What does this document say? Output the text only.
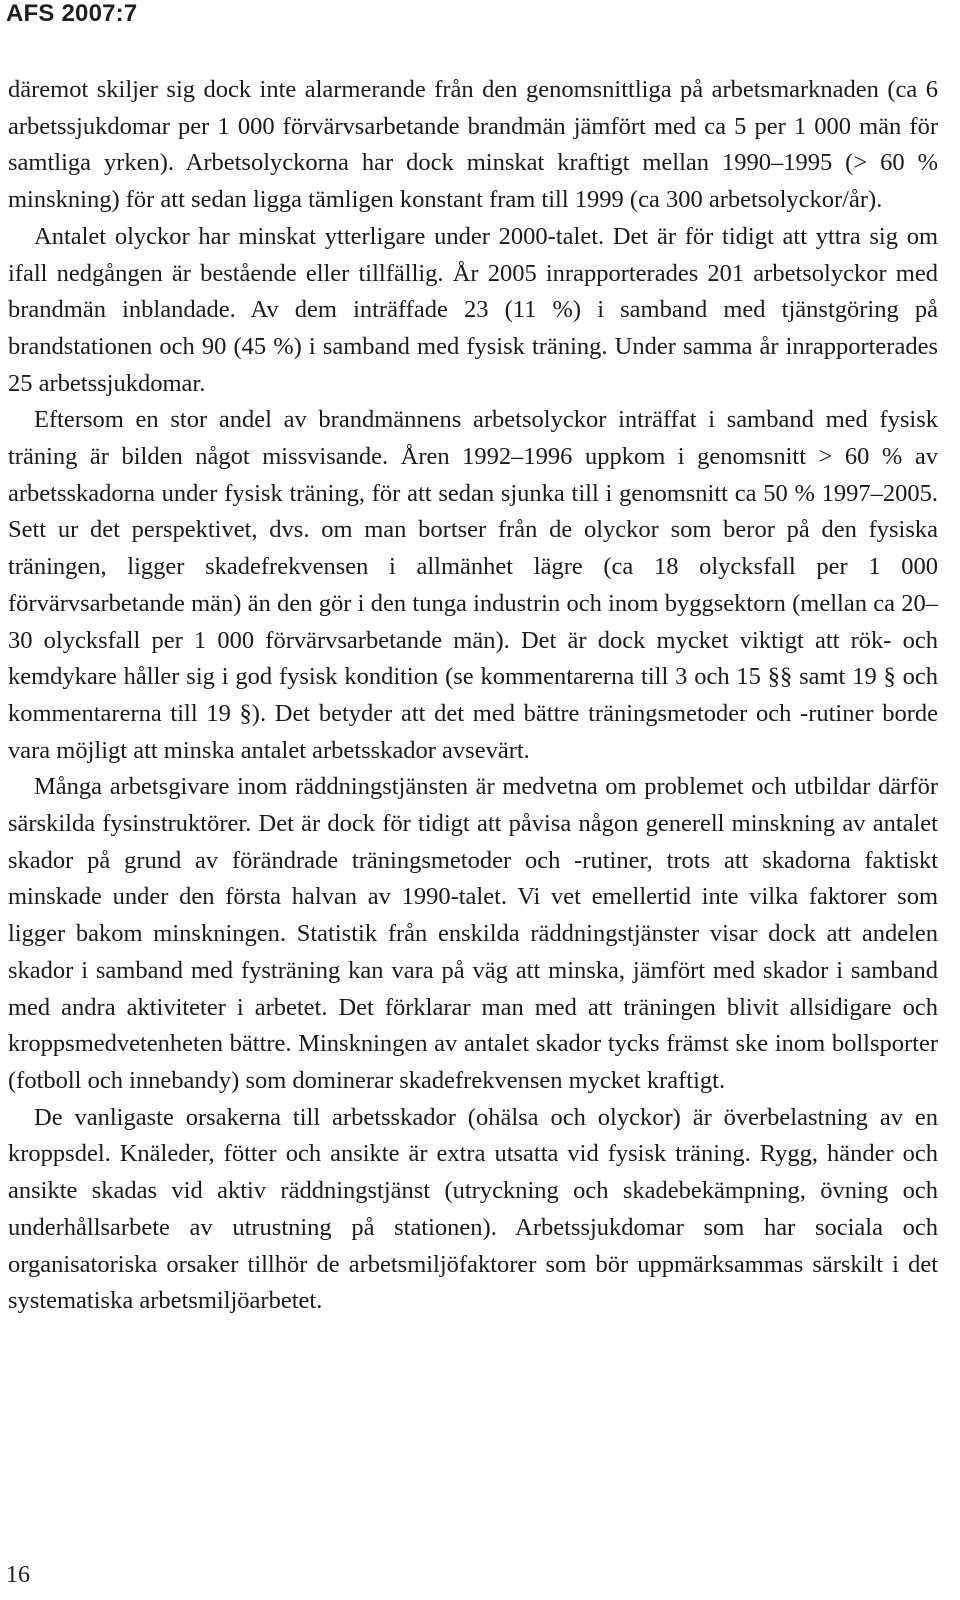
AFS 2007:7

däremot skiljer sig dock inte alarmerande från den genomsnittliga på arbetsmarknaden (ca 6 arbetssjukdomar per 1 000 förvärvsarbetande brandmän jämfört med ca 5 per 1 000 män för samtliga yrken). Arbetsolyckorna har dock minskat kraftigt mellan 1990–1995 (> 60 % minskning) för att sedan ligga tämligen konstant fram till 1999 (ca 300 arbetsolyckor/år).

Antalet olyckor har minskat ytterligare under 2000-talet. Det är för tidigt att yttra sig om ifall nedgången är bestående eller tillfällig. År 2005 inrapporterades 201 arbetsolyckor med brandmän inblandade. Av dem inträffade 23 (11 %) i samband med tjänstgöring på brandstationen och 90 (45 %) i samband med fysisk träning. Under samma år inrapporterades 25 arbetssjukdomar.

Eftersom en stor andel av brandmännens arbetsolyckor inträffat i samband med fysisk träning är bilden något missvisande. Åren 1992–1996 uppkom i genomsnitt > 60 % av arbetsskadorna under fysisk träning, för att sedan sjunka till i genomsnitt ca 50 % 1997–2005. Sett ur det perspektivet, dvs. om man bortser från de olyckor som beror på den fysiska träningen, ligger skadefrekvensen i allmänhet lägre (ca 18 olycksfall per 1 000 förvärvsarbetande män) än den gör i den tunga industrin och inom byggsektorn (mellan ca 20–30 olycksfall per 1 000 förvärvsarbetande män). Det är dock mycket viktigt att rök- och kemdykare håller sig i god fysisk kondition (se kommentarerna till 3 och 15 §§ samt 19 § och kommentarerna till 19 §). Det betyder att det med bättre träningsmetoder och -rutiner borde vara möjligt att minska antalet arbetsskador avsevärt.

Många arbetsgivare inom räddningstjänsten är medvetna om problemet och utbildar därför särskilda fysinstruktörer. Det är dock för tidigt att påvisa någon generell minskning av antalet skador på grund av förändrade träningsmetoder och -rutiner, trots att skadorna faktiskt minskade under den första halvan av 1990-talet. Vi vet emellertid inte vilka faktorer som ligger bakom minskningen. Statistik från enskilda räddningstjänster visar dock att andelen skador i samband med fysträning kan vara på väg att minska, jämfört med skador i samband med andra aktiviteter i arbetet. Det förklarar man med att träningen blivit allsidigare och kroppsmedvetenheten bättre. Minskningen av antalet skador tycks främst ske inom bollsporter (fotboll och innebandy) som dominerar skadefrekvensen mycket kraftigt.

De vanligaste orsakerna till arbetsskador (ohälsa och olyckor) är överbelastning av en kroppsdel. Knäleder, fötter och ansikte är extra utsatta vid fysisk träning. Rygg, händer och ansikte skadas vid aktiv räddningstjänst (utryckning och skadebekämpning, övning och underhållsarbete av utrustning på stationen). Arbetssjukdomar som har sociala och organisatoriska orsaker tillhör de arbetsmiljöfaktorer som bör uppmärksammas särskilt i det systematiska arbetsmiljöarbetet.

16
